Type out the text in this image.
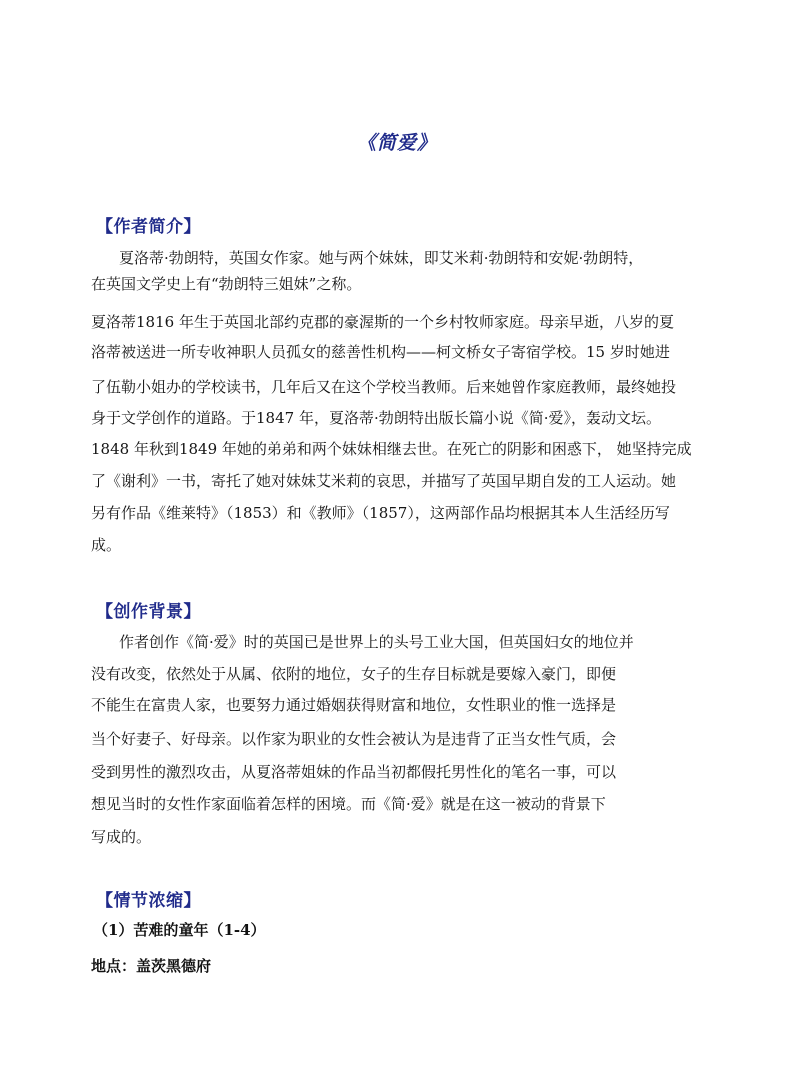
《简爱》
【作者简介】
夏洛蒂·勃朗特，英国女作家。她与两个妹妹，即艾米莉·勃朗特和安妮·勃朗特，
在英国文学史上有“勃朗特三姐妹”之称。
夏洛蒂1816 年生于英国北部约克郡的豪渥斯的一个乡村牧师家庭。母亲早逝，八岁的夏
洛蒂被送进一所专收神职人员孤女的慈善性机构——柯文桥女子寄宿学校。15 岁时她进
了伍勒小姐办的学校读书，几年后又在这个学校当教师。后来她曾作家庭教师，最终她投
身于文学创作的道路。于1847 年，夏洛蒂·勃朗特出版长篇小说《简·爱》，轰动文坛。
1848 年秋到1849 年她的弟弟和两个妹妹相继去世。在死亡的阴影和困惑下， 她坚持完成
了《谢利》一书，寄托了她对妹妹艾米莉的哀思，并描写了英国早期自发的工人运动。她
另有作品《维莱特》（1853）和《教师》（1857），这两部作品均根据其本人生活经历写
成。
【创作背景】
作者创作《简·爱》时的英国已是世界上的头号工业大国，但英国妇女的地位并
没有改变，依然处于从属、依附的地位，女子的生存目标就是要嫁入豪门，即便
不能生在富贵人家，也要努力通过婚姻获得财富和地位，女性职业的惟一选择是
当个好妻子、好母亲。以作家为职业的女性会被认为是违背了正当女性气质，会
受到男性的激烈攻击，从夏洛蒂姐妹的作品当初都假托男性化的笔名一事，可以
想见当时的女性作家面临着怎样的困境。而《简·爱》就是在这一被动的背景下
写成的。
【情节浓缩】
（1）苦难的童年（1-4）
地点：盖茨黑德府
